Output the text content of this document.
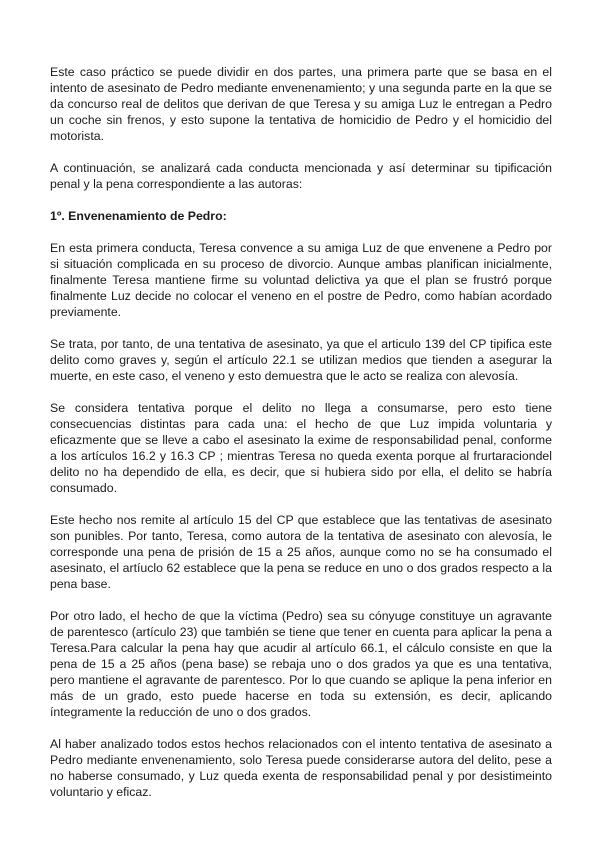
Este caso práctico se puede dividir en dos partes, una primera parte que se basa en el intento de asesinato de Pedro mediante envenenamiento; y una segunda parte en la que se da concurso real de delitos que derivan de que Teresa y su amiga Luz le entregan a Pedro un coche sin frenos, y esto supone la tentativa de homicidio de Pedro y el homicidio del motorista.

A continuación, se analizará cada conducta mencionada y así determinar su tipificación penal y la pena correspondiente a las autoras:

1º. Envenenamiento de Pedro:

En esta primera conducta, Teresa convence a su amiga Luz de que envenene a Pedro por si situación complicada en su proceso de divorcio. Aunque ambas planifican inicialmente, finalmente Teresa mantiene firme su voluntad delictiva ya que el plan se frustró porque finalmente Luz decide no colocar el veneno en el postre de Pedro, como habían acordado previamente.

Se trata, por tanto, de una tentativa de asesinato, ya que el articulo 139 del CP tipifica este delito como graves y, según el artículo 22.1 se utilizan medios que tienden a asegurar la muerte, en este caso, el veneno y esto demuestra que le acto se realiza con alevosía.

Se considera tentativa porque el delito no llega a consumarse, pero esto tiene consecuencias distintas para cada una: el hecho de que Luz impida voluntaria y eficazmente que se lleve a cabo el asesinato la exime de responsabilidad penal, conforme a los artículos 16.2 y 16.3 CP ; mientras Teresa no queda exenta porque al frurtaraciondel delito no ha dependido de ella, es decir, que si hubiera sido por ella, el delito se habría consumado.

Este hecho nos remite al artículo 15 del CP que establece que las tentativas de asesinato son punibles. Por tanto, Teresa, como autora de la tentativa de asesinato con alevosía, le corresponde una pena de prisión de 15 a 25 años, aunque como no se ha consumado el asesinato, el artíuclo 62 establece que la pena se reduce en uno o dos grados respecto a la pena base.

Por otro lado, el hecho de que la víctima (Pedro) sea su cónyuge constituye un agravante de parentesco (artículo 23) que también se tiene que tener en cuenta para aplicar la pena a Teresa.Para calcular la pena hay que acudir al artículo 66.1, el cálculo consiste en que la pena de 15 a 25 años (pena base) se rebaja uno o dos grados ya que es una tentativa, pero mantiene el agravante de parentesco. Por lo que cuando se aplique la pena inferior en más de un grado, esto puede hacerse en toda su extensión, es decir, aplicando íntegramente la reducción de uno o dos grados.

Al haber analizado todos estos hechos relacionados con el intento tentativa de asesinato a Pedro mediante envenenamiento, solo Teresa puede considerarse autora del delito, pese a no haberse consumado, y Luz queda exenta de responsabilidad penal y por desistimeinto voluntario y eficaz.
